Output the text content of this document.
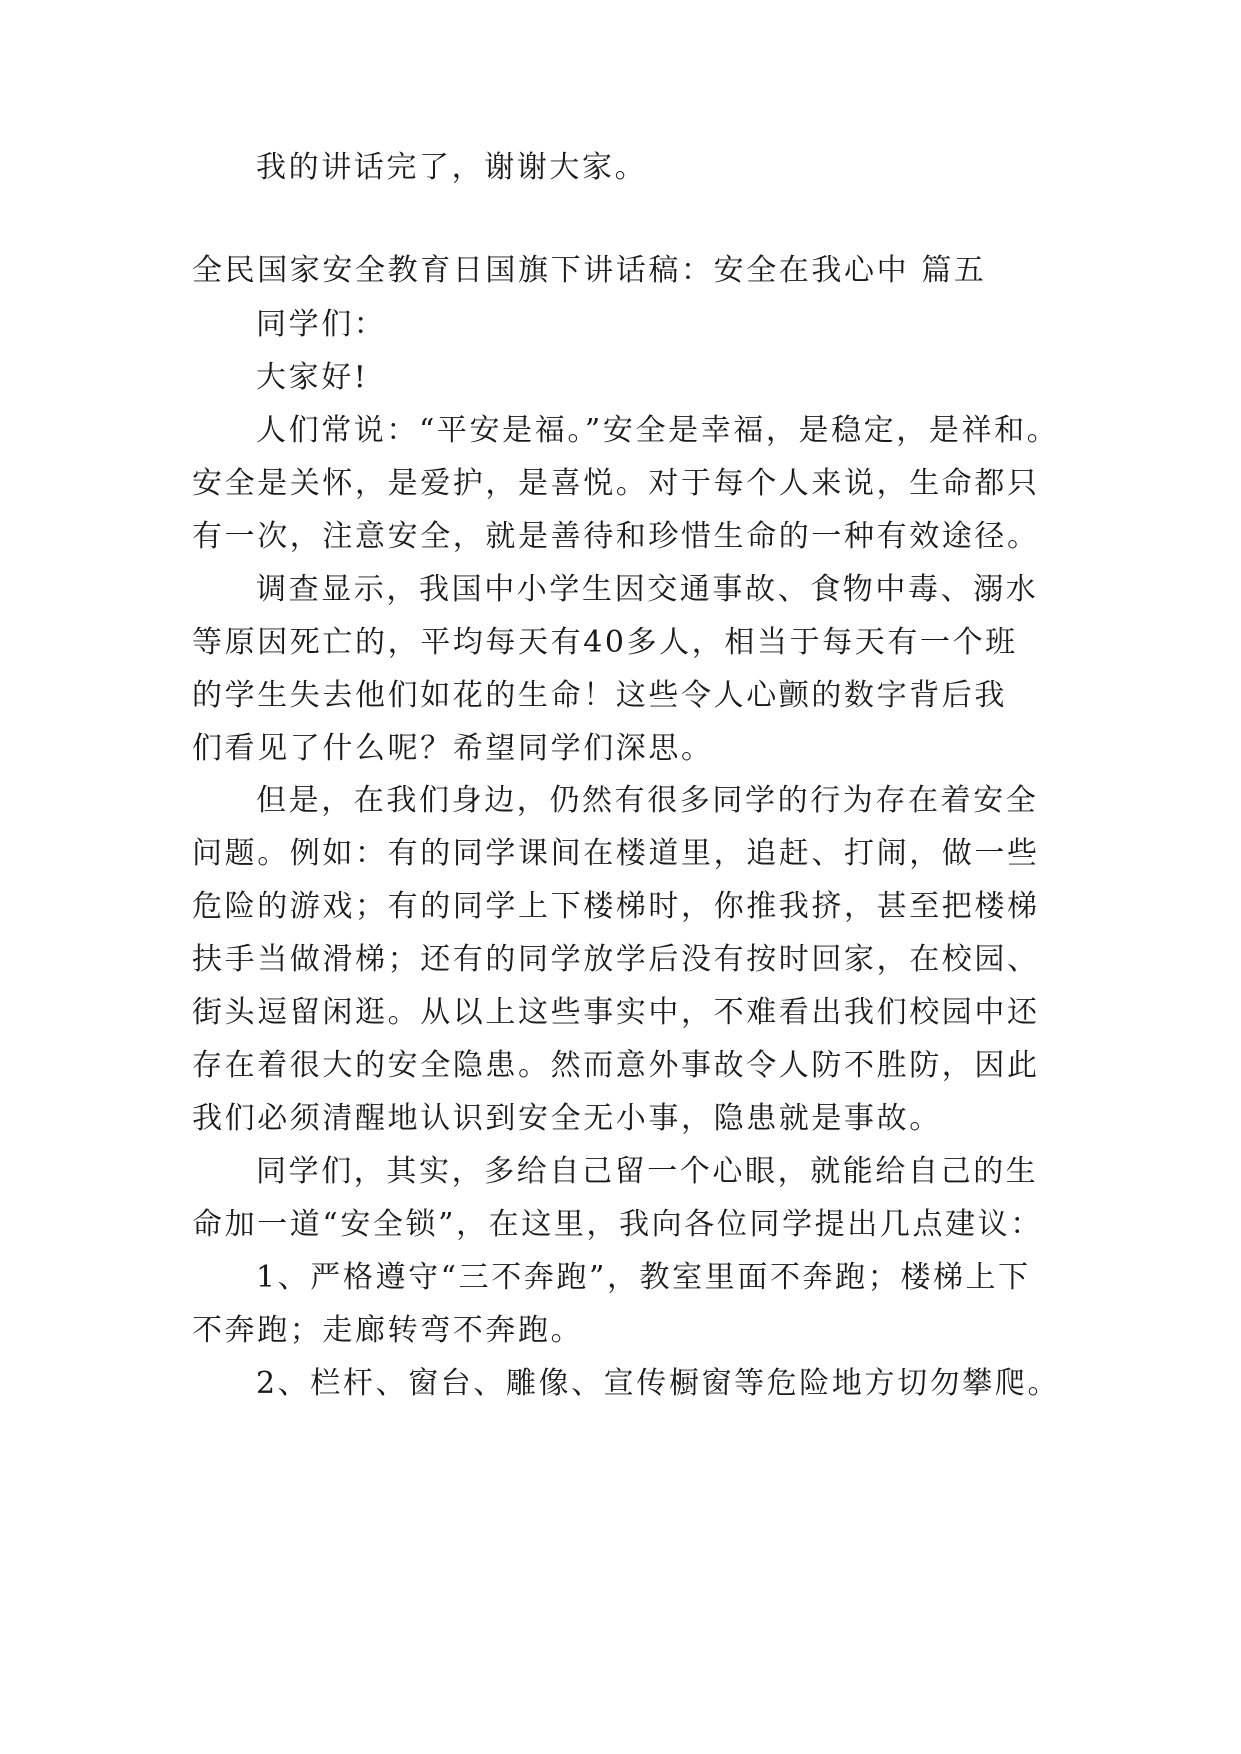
我的讲话完了，谢谢大家。
全民国家安全教育日国旗下讲话稿：安全在我心中 篇五
同学们：
大家好!
人们常说：“平安是福。”安全是幸福，是稳定，是祥和。
安全是关怀，是爱护，是喜悦。对于每个人来说，生命都只
有一次，注意安全，就是善待和珍惜生命的一种有效途径。
调查显示，我国中小学生因交通事故、食物中毒、溺水
等原因死亡的，平均每天有40多人，相当于每天有一个班
的学生失去他们如花的生命！这些令人心颤的数字背后我
们看见了什么呢？希望同学们深思。
但是，在我们身边，仍然有很多同学的行为存在着安全
问题。例如：有的同学课间在楼道里，追赶、打闹，做一些
危险的游戏；有的同学上下楼梯时，你推我挤，甚至把楼梯
扶手当做滑梯；还有的同学放学后没有按时回家，在校园、
街头逗留闲逛。从以上这些事实中，不难看出我们校园中还
存在着很大的安全隐患。然而意外事故令人防不胜防，因此
我们必须清醒地认识到安全无小事，隐患就是事故。
同学们，其实，多给自己留一个心眼，就能给自己的生
命加一道“安全锁”，在这里，我向各位同学提出几点建议：
1、严格遵守“三不奔跑”，教室里面不奔跑；楼梯上下
不奔跑；走廊转弯不奔跑。
2、栏杆、窗台、雕像、宣传橱窗等危险地方切勿攀爬。
